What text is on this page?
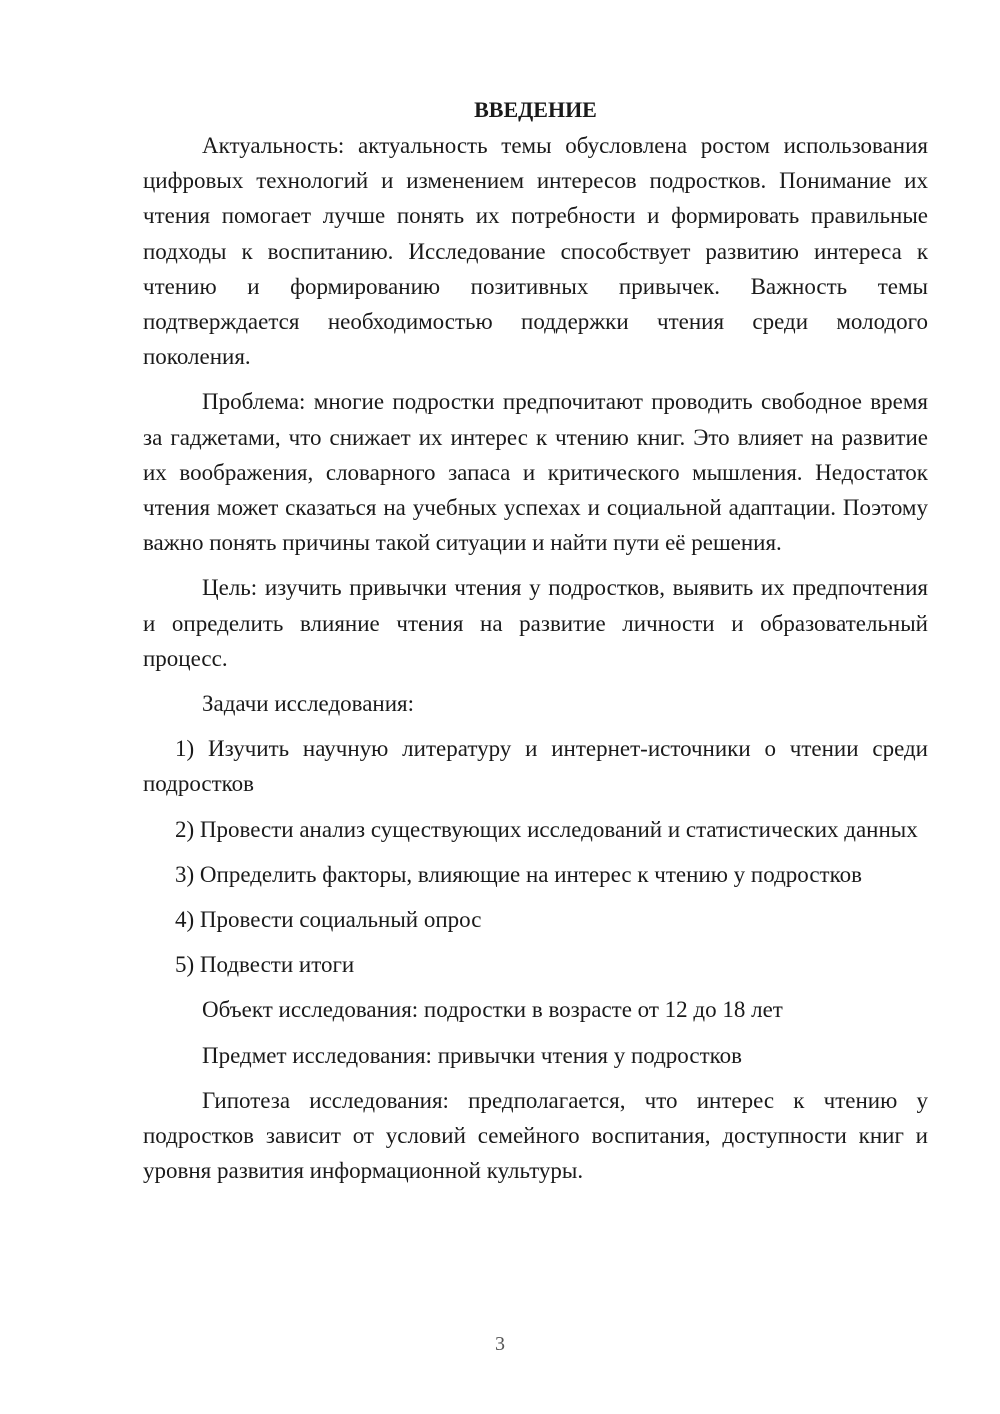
ВВЕДЕНИЕ

Актуальность: актуальность темы обусловлена ростом использования цифровых технологий и изменением интересов подростков. Понимание их чтения помогает лучше понять их потребности и формировать правильные подходы к воспитанию. Исследование способствует развитию интереса к чтению и формированию позитивных привычек. Важность темы подтверждается необходимостью поддержки чтения среди молодого поколения.

Проблема: многие подростки предпочитают проводить свободное время за гаджетами, что снижает их интерес к чтению книг. Это влияет на развитие их воображения, словарного запаса и критического мышления. Недостаток чтения может сказаться на учебных успехах и социальной адаптации. Поэтому важно понять причины такой ситуации и найти пути её решения.

Цель: изучить привычки чтения у подростков, выявить их предпочтения и определить влияние чтения на развитие личности и образовательный процесс.

Задачи исследования:

1) Изучить научную литературу и интернет-источники о чтении среди подростков

2) Провести анализ существующих исследований и статистических данных

3) Определить факторы, влияющие на интерес к чтению у подростков

4) Провести социальный опрос

5) Подвести итоги

Объект исследования: подростки в возрасте от 12 до 18 лет

Предмет исследования: привычки чтения у подростков

Гипотеза исследования: предполагается, что интерес к чтению у подростков зависит от условий семейного воспитания, доступности книг и уровня развития информационной культуры.

3
